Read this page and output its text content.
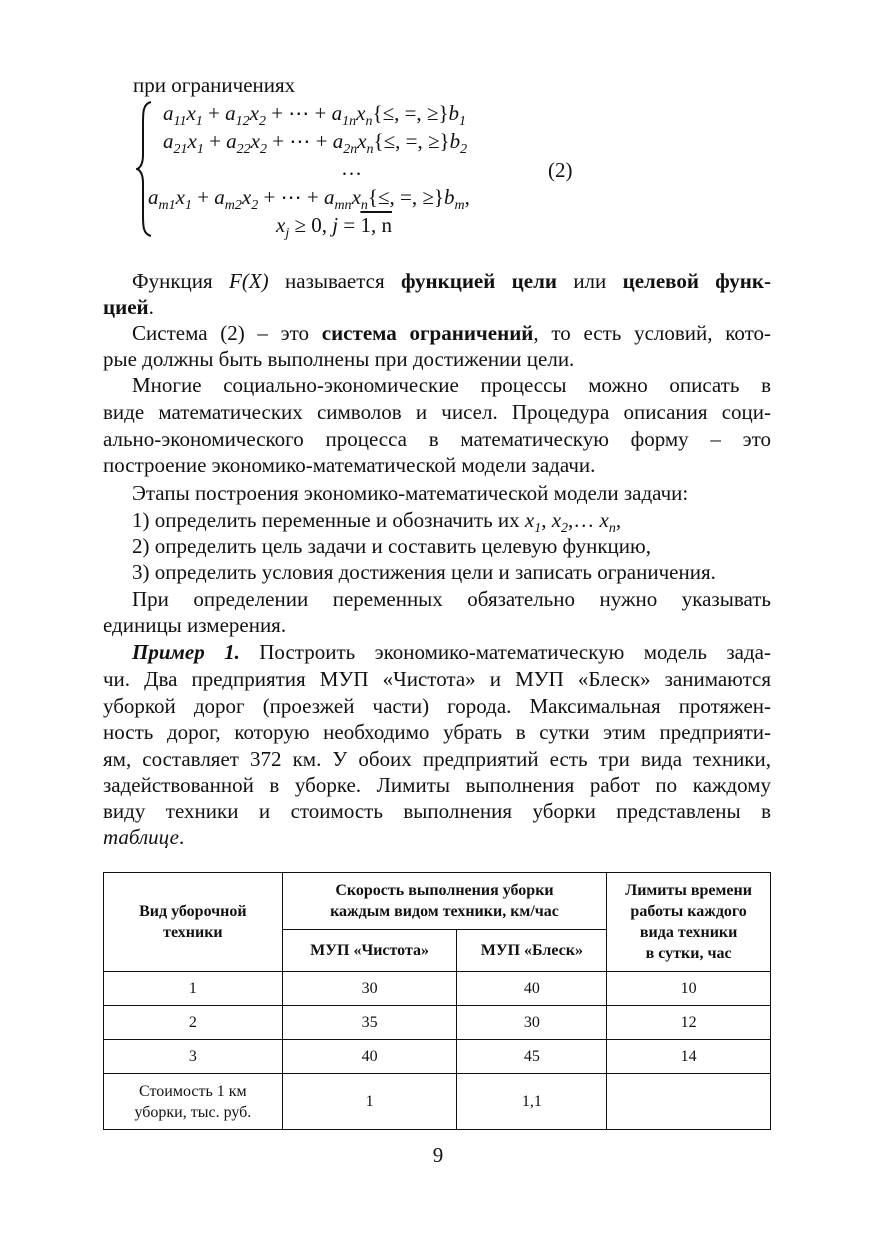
при ограничениях
$a_{11}x_1 + a_{12}x_2$ + ⋯ + $a_{1n}x_n\{\le$, =, $\ge\}b_1$
$a_{21}x_1 + a_{22}x_2$ + ⋯ + $a_{2n}x_n\{\le$, =, $\ge\}b_2$
…	(2)
$a_{m1}x_1 + a_{m2}x_2$ + ⋯ + $a_{mn}x_n\{\le$, =, $\ge\}b_m$,
$x_j \ge 0$, j = 1, n
Функция F(X) называется функцией цели или целевой функ-
цией.
Система (2) – это система ограничений, то есть условий, кото-
рые должны быть выполнены при достижении цели.
Многие социально-экономические процессы можно описать в
виде математических символов и чисел. Процедура описания соци-
ально-экономического процесса в математическую форму – это
построение экономико-математической модели задачи.
Этапы построения экономико-математической модели задачи:
1) определить переменные и обозначить их $x_1$, $x_2,\dots$ $x_n$,
2) определить цель задачи и составить целевую функцию,
3) определить условия достижения цели и записать ограничения.
При определении переменных обязательно нужно указывать
единицы измерения.
Пример 1. Построить экономико-математическую модель зада-
чи. Два предприятия МУП «Чистота» и МУП «Блеск» занимаются
уборкой дорог (проезжей части) города. Максимальная протяжен-
ность дорог, которую необходимо убрать в сутки этим предприяти-
ям, составляет 372 км. У обоих предприятий есть три вида техники,
задействованной в уборке. Лимиты выполнения работ по каждому
виду техники и стоимость выполнения уборки представлены в
таблице.
Вид уборочной
техники	Скорость выполнения уборки
каждым видом техники, км/час		Лимиты времени
работы каждого
вида техники
в сутки, час
	МУП «Чистота»	МУП «Блеск»	
1	30	40	10
2	35	30	12
3	40	45	14
Стоимость 1 км
уборки, тыс. руб.	1	1,1	
9
